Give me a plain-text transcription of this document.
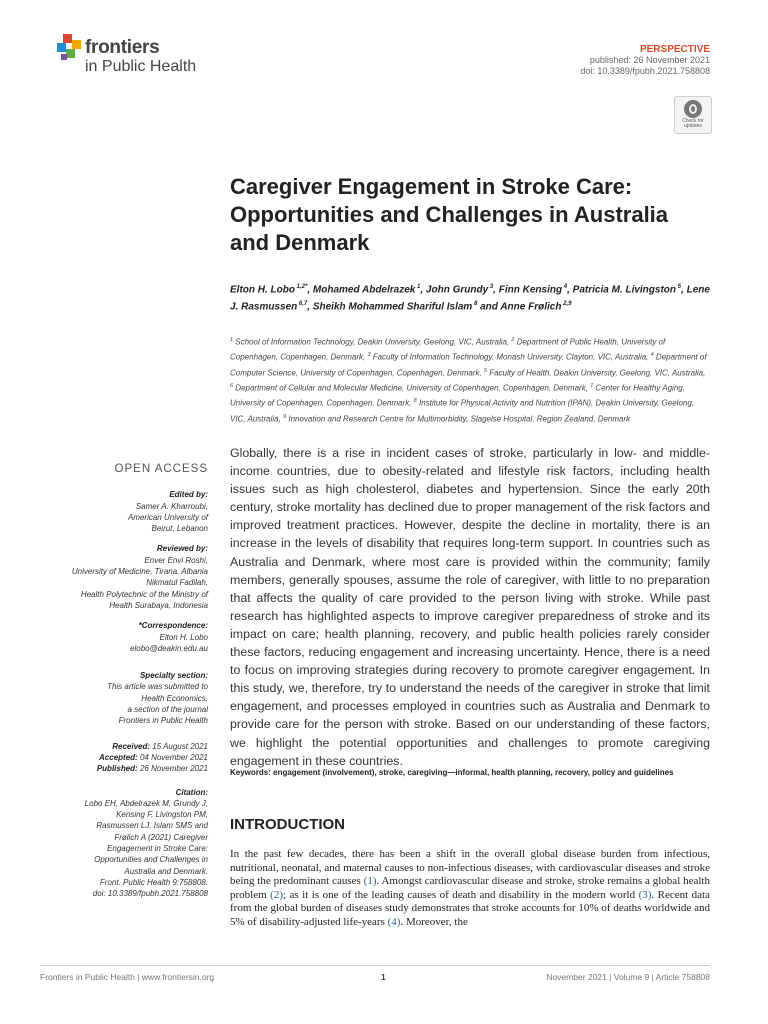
frontiers
in Public Health
PERSPECTIVE
published: 26 November 2021
doi: 10.3389/fpubh.2021.758808
Check for updates
Caregiver Engagement in Stroke Care: Opportunities and Challenges in Australia and Denmark
Elton H. Lobo $^{1,2*}$, Mohamed Abdelrazek $^1$, John Grundy $^3$, Finn Kensing $^4$, Patricia M. Livingston $^5$, Lene J. Rasmussen $^{6,7}$, Sheikh Mohammed Shariful Islam $^8$ and Anne Frølich $^{2,9}$
$^1$ School of Information Technology, Deakin University, Geelong, VIC, Australia, $^2$ Department of Public Health, University of Copenhagen, Copenhagen, Denmark, $^3$ Faculty of Information Technology, Monash University, Clayton, VIC, Australia, $^4$ Department of Computer Science, University of Copenhagen, Copenhagen, Denmark, $^5$ Faculty of Health, Deakin University, Geelong, VIC, Australia, $^6$ Department of Cellular and Molecular Medicine, University of Copenhagen, Copenhagen, Denmark, $^7$ Center for Healthy Aging, University of Copenhagen, Copenhagen, Denmark, $^8$ Institute for Physical Activity and Nutrition (IPAN), Deakin University, Geelong, VIC, Australia, $^9$ Innovation and Research Centre for Multimorbidity, Slagelse Hospital, Region Zealand, Denmark
OPEN ACCESS
Edited by:
Samer A. Kharroubi,
American University of
Beirut, Lebanon
Reviewed by:
Enver Envi Roshi,
University of Medicine, Tirana, Albania
Nikmatul Fadilah,
Health Polytechnic of the Ministry of
Health Surabaya, Indonesia
*Correspondence:
Elton H. Lobo
elobo@deakin.edu.au
Specialty section:
This article was submitted to
Health Economics,
a section of the journal
Frontiers in Public Health
Received: 15 August 2021
Accepted: 04 November 2021
Published: 26 November 2021
Citation:
Lobo EH, Abdelrazek M, Grundy J,
Kensing F, Livingston PM,
Rasmussen LJ, Islam SMS and
Frølich A (2021) Caregiver
Engagement in Stroke Care:
Opportunities and Challenges in
Australia and Denmark.
Front. Public Health 9:758808.
doi: 10.3389/fpubh.2021.758808
Globally, there is a rise in incident cases of stroke, particularly in low- and middle-income countries, due to obesity-related and lifestyle risk factors, including health issues such as high cholesterol, diabetes and hypertension. Since the early 20th century, stroke mortality has declined due to proper management of the risk factors and improved treatment practices. However, despite the decline in mortality, there is an increase in the levels of disability that requires long-term support. In countries such as Australia and Denmark, where most care is provided within the community; family members, generally spouses, assume the role of caregiver, with little to no preparation that affects the quality of care provided to the person living with stroke. While past research has highlighted aspects to improve caregiver preparedness of stroke and its impact on care; health planning, recovery, and public health policies rarely consider these factors, reducing engagement and increasing uncertainty. Hence, there is a need to focus on improving strategies during recovery to promote caregiver engagement. In this study, we, therefore, try to understand the needs of the caregiver in stroke that limit engagement, and processes employed in countries such as Australia and Denmark to provide care for the person with stroke. Based on our understanding of these factors, we highlight the potential opportunities and challenges to promote caregiving engagement in these countries.
Keywords: engagement (involvement), stroke, caregiving—informal, health planning, recovery, policy and guidelines
INTRODUCTION
In the past few decades, there has been a shift in the overall global disease burden from infectious, nutritional, neonatal, and maternal causes to non-infectious diseases, with cardiovascular diseases and stroke being the predominant causes (1). Amongst cardiovascular disease and stroke, stroke remains a global health problem (2); as it is one of the leading causes of death and disability in the modern world (3). Recent data from the global burden of diseases study demonstrates that stroke accounts for 10% of deaths worldwide and 5% of disability-adjusted life-years (4). Moreover, the
Frontiers in Public Health | www.frontiersin.org	1	November 2021 | Volume 9 | Article 758808
